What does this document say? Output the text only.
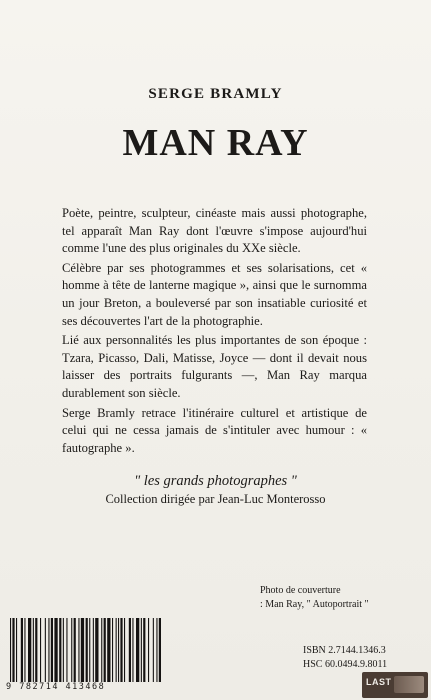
SERGE BRAMLY
MAN RAY

Poète, peintre, sculpteur, cinéaste mais aussi photographe, tel apparaît Man Ray dont l'œuvre s'impose aujourd'hui comme l'une des plus originales du XXe siècle.

Célèbre par ses photogrammes et ses solarisations, cet « homme à tête de lanterne magique », ainsi que le surnomma un jour Breton, a bouleversé par son insatiable curiosité et ses découvertes l'art de la photographie.

Lié aux personnalités les plus importantes de son époque : Tzara, Picasso, Dali, Matisse, Joyce — dont il devait nous laisser des portraits fulgurants —, Man Ray marqua durablement son siècle.

Serge Bramly retrace l'itinéraire culturel et artistique de celui qui ne cessa jamais de s'intituler avec humour : « fautographe ».

" les grands photographes "
Collection dirigée par Jean-Luc Monterosso
Photo de couverture
: Man Ray, " Autoportrait "
ISBN 2.7144.1346.3
HSC 60.0494.9.8011
9 782714 413468	LAST
